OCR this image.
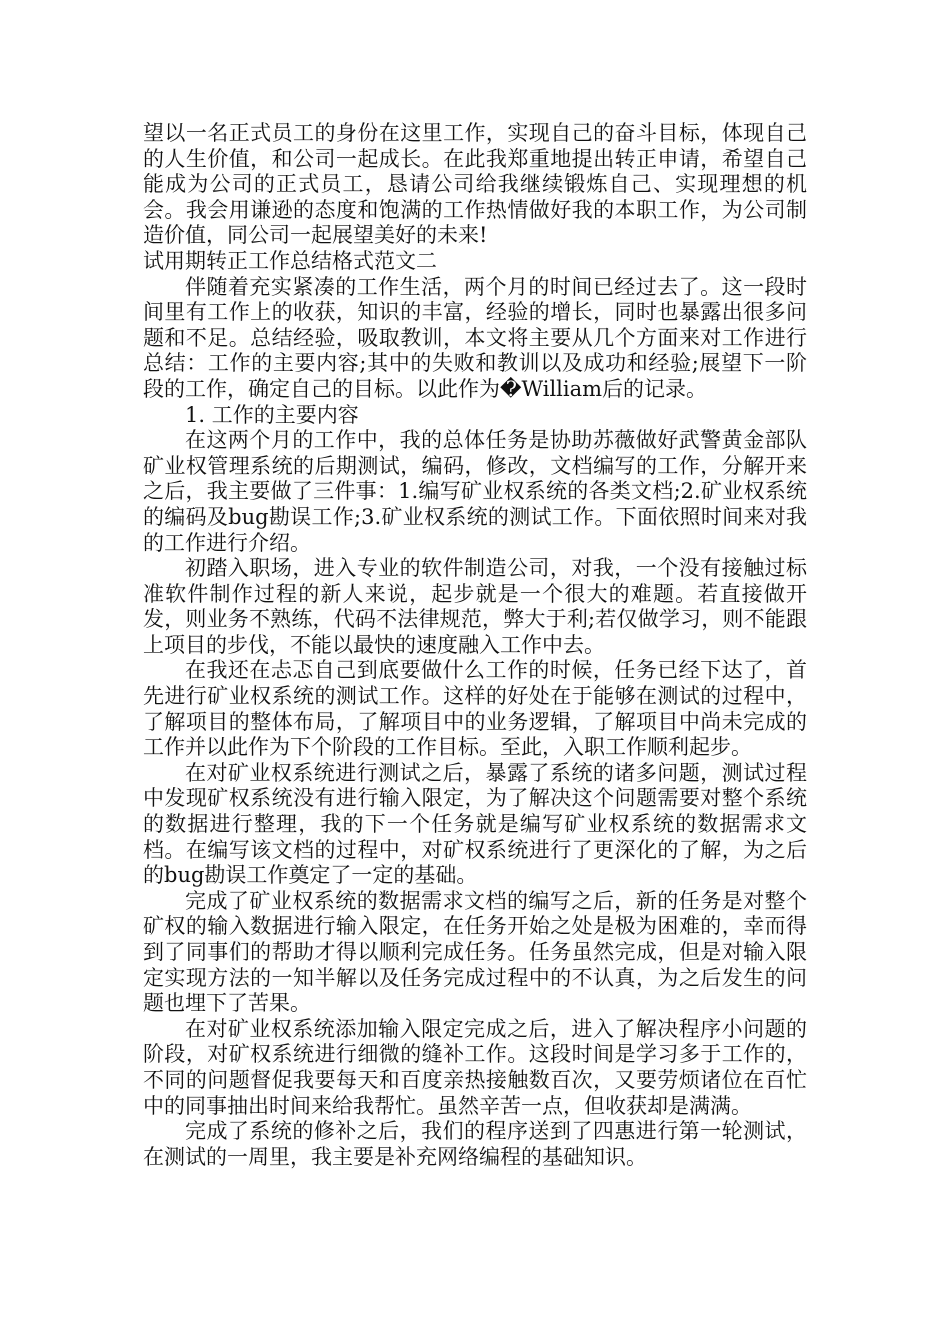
望以一名正式员工的身份在这里工作，实现自己的奋斗目标，体现自己的人生价值，和公司一起成长。在此我郑重地提出转正申请，希望自己能成为公司的正式员工，恳请公司给我继续锻炼自己、实现理想的机会。我会用谦逊的态度和饱满的工作热情做好我的本职工作，为公司制造价值，同公司一起展望美好的未来!

试用期转正工作总结格式范文二

伴随着充实紧凑的工作生活，两个月的时间已经过去了。这一段时间里有工作上的收获，知识的丰富，经验的增长，同时也暴露出很多问题和不足。总结经验，吸取教训，本文将主要从几个方面来对工作进行总结：工作的主要内容;其中的失败和教训以及成功和经验;展望下一阶段的工作，确定自己的目标。以此作为�William后的记录。

1. 工作的主要内容

在这两个月的工作中，我的总体任务是协助苏薇做好武警黄金部队矿业权管理系统的后期测试，编码，修改，文档编写的工作，分解开来之后，我主要做了三件事：1.编写矿业权系统的各类文档;2.矿业权系统的编码及bug勘误工作;3.矿业权系统的测试工作。下面依照时间来对我的工作进行介绍。

初踏入职场，进入专业的软件制造公司，对我，一个没有接触过标准软件制作过程的新人来说，起步就是一个很大的难题。若直接做开发，则业务不熟练，代码不法律规范，弊大于利;若仅做学习，则不能跟上项目的步伐，不能以最快的速度融入工作中去。

在我还在忐忑自己到底要做什么工作的时候，任务已经下达了，首先进行矿业权系统的测试工作。这样的好处在于能够在测试的过程中，了解项目的整体布局，了解项目中的业务逻辑，了解项目中尚未完成的工作并以此作为下个阶段的工作目标。至此，入职工作顺利起步。

在对矿业权系统进行测试之后，暴露了系统的诸多问题，测试过程中发现矿权系统没有进行输入限定，为了解决这个问题需要对整个系统的数据进行整理，我的下一个任务就是编写矿业权系统的数据需求文档。在编写该文档的过程中，对矿权系统进行了更深化的了解，为之后的bug勘误工作奠定了一定的基础。

完成了矿业权系统的数据需求文档的编写之后，新的任务是对整个矿权的输入数据进行输入限定，在任务开始之处是极为困难的，幸而得到了同事们的帮助才得以顺利完成任务。任务虽然完成，但是对输入限定实现方法的一知半解以及任务完成过程中的不认真，为之后发生的问题也埋下了苦果。

在对矿业权系统添加输入限定完成之后，进入了解决程序小问题的阶段，对矿权系统进行细微的缝补工作。这段时间是学习多于工作的，不同的问题督促我要每天和百度亲热接触数百次，又要劳烦诸位在百忙中的同事抽出时间来给我帮忙。虽然辛苦一点，但收获却是满满。

完成了系统的修补之后，我们的程序送到了四惠进行第一轮测试，在测试的一周里，我主要是补充网络编程的基础知识。
